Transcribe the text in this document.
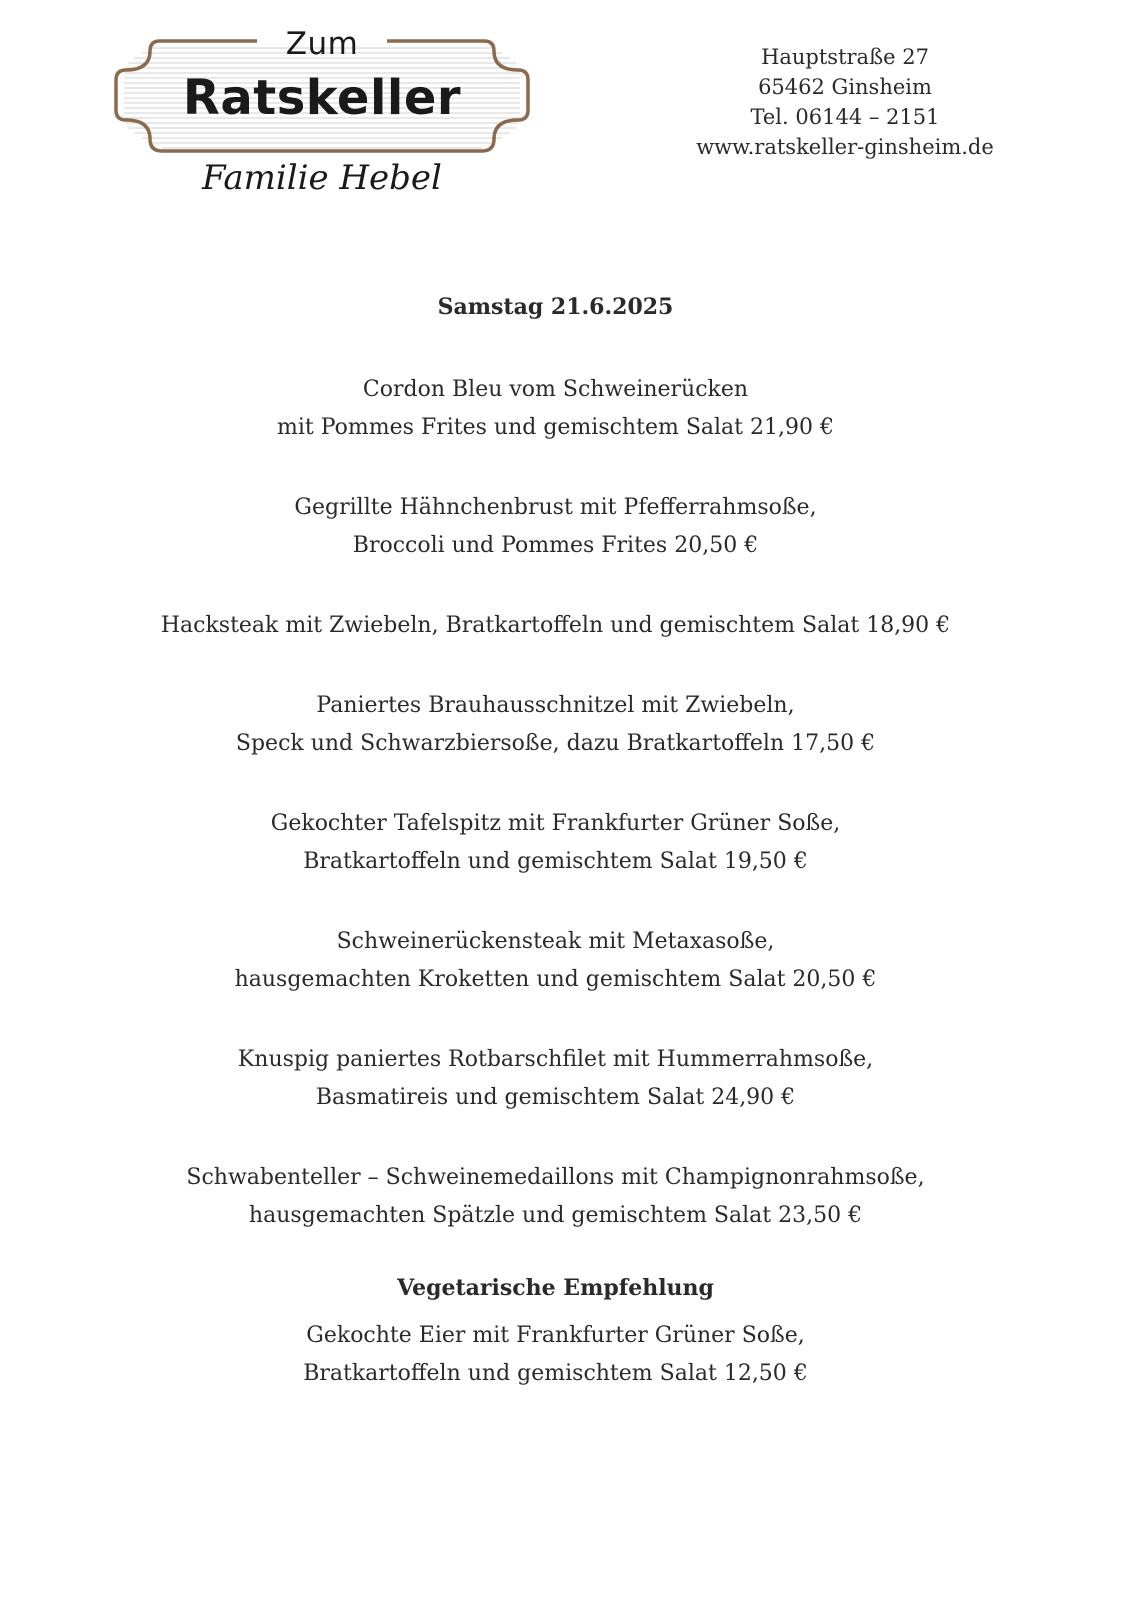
Zum
Ratskeller
Familie Hebel
Hauptstraße 27
65462 Ginsheim
Tel. 06144 – 2151
www.ratskeller-ginsheim.de
Samstag 21.6.2025
Cordon Bleu vom Schweinerücken
mit Pommes Frites und gemischtem Salat 21,90 €
Gegrillte Hähnchenbrust mit Pfefferrahmsoße,
Broccoli und Pommes Frites 20,50 €
Hacksteak mit Zwiebeln, Bratkartoffeln und gemischtem Salat 18,90 €
Paniertes Brauhausschnitzel mit Zwiebeln,
Speck und Schwarzbiersoße, dazu Bratkartoffeln 17,50 €
Gekochter Tafelspitz mit Frankfurter Grüner Soße,
Bratkartoffeln und gemischtem Salat 19,50 €
Schweinerückensteak mit Metaxasoße,
hausgemachten Kroketten und gemischtem Salat 20,50 €
Knuspig paniertes Rotbarschfilet mit Hummerrahmsoße,
Basmatireis und gemischtem Salat 24,90 €
Schwabenteller – Schweinemedaillons mit Champignonrahmsoße,
hausgemachten Spätzle und gemischtem Salat 23,50 €
Vegetarische Empfehlung
Gekochte Eier mit Frankfurter Grüner Soße,
Bratkartoffeln und gemischtem Salat 12,50 €
